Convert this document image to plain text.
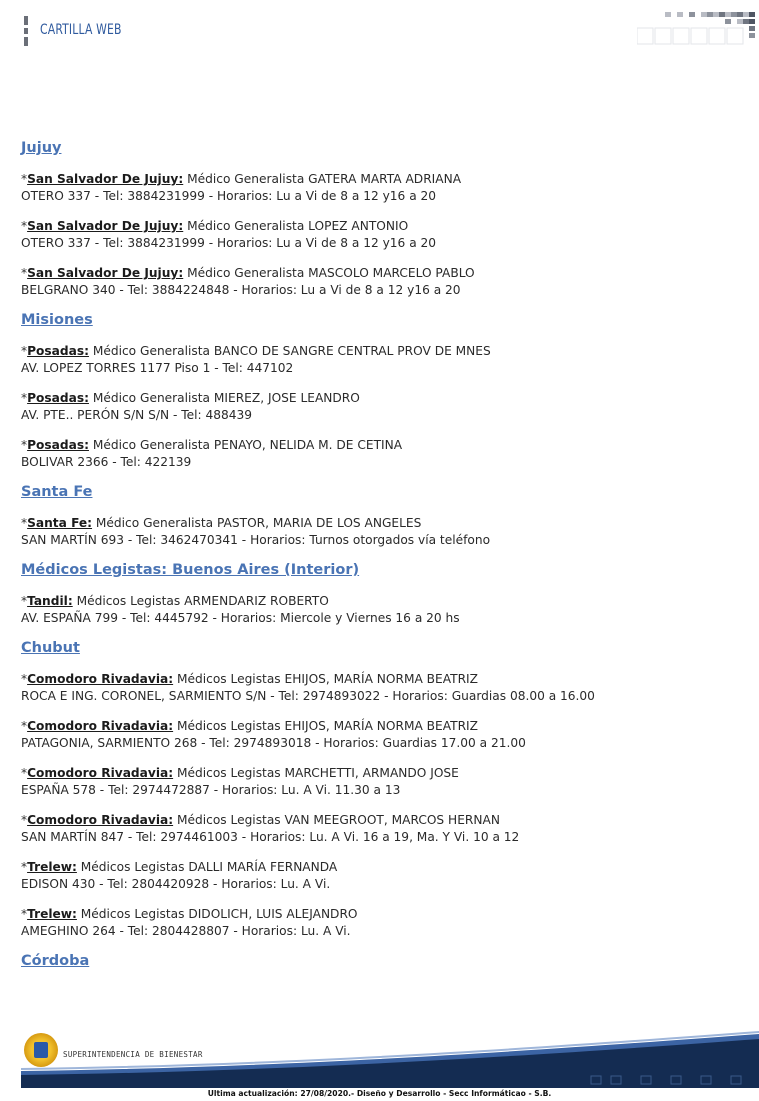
CARTILLA WEB
Jujuy
*San Salvador De Jujuy: Médico Generalista GATERA MARTA ADRIANA
OTERO 337 - Tel: 3884231999 - Horarios: Lu a Vi de 8 a 12 y16 a 20
*San Salvador De Jujuy: Médico Generalista LOPEZ ANTONIO
OTERO 337 - Tel: 3884231999 - Horarios: Lu a Vi de 8 a 12 y16 a 20
*San Salvador De Jujuy: Médico Generalista MASCOLO MARCELO PABLO
BELGRANO 340 - Tel: 3884224848 - Horarios: Lu a Vi de 8 a 12 y16 a 20
Misiones
*Posadas: Médico Generalista BANCO DE SANGRE CENTRAL PROV DE MNES
AV. LOPEZ TORRES 1177 Piso 1 - Tel: 447102
*Posadas: Médico Generalista MIEREZ, JOSE LEANDRO
AV. PTE.. PERÓN S/N S/N - Tel: 488439
*Posadas: Médico Generalista PENAYO, NELIDA M. DE CETINA
BOLIVAR 2366 - Tel: 422139
Santa Fe
*Santa Fe: Médico Generalista PASTOR, MARIA DE LOS ANGELES
SAN MARTÍN 693 - Tel: 3462470341 - Horarios: Turnos otorgados vía teléfono
Médicos Legistas: Buenos Aires (Interior)
*Tandil: Médicos Legistas ARMENDARIZ ROBERTO
AV. ESPAÑA 799 - Tel: 4445792 - Horarios: Miercole y Viernes 16 a 20 hs
Chubut
*Comodoro Rivadavia: Médicos Legistas EHIJOS, MARÍA NORMA BEATRIZ
ROCA E ING. CORONEL, SARMIENTO S/N - Tel: 2974893022 - Horarios: Guardias 08.00 a 16.00
*Comodoro Rivadavia: Médicos Legistas EHIJOS, MARÍA NORMA BEATRIZ
PATAGONIA, SARMIENTO 268 - Tel: 2974893018 - Horarios: Guardias 17.00 a 21.00
*Comodoro Rivadavia: Médicos Legistas MARCHETTI, ARMANDO JOSE
ESPAÑA 578 - Tel: 2974472887 - Horarios: Lu. A Vi. 11.30 a 13
*Comodoro Rivadavia: Médicos Legistas VAN MEEGROOT, MARCOS HERNAN
SAN MARTÍN 847 - Tel: 2974461003 - Horarios: Lu. A Vi. 16 a 19, Ma. Y Vi. 10 a 12
*Trelew: Médicos Legistas DALLI MARÍA FERNANDA
EDISON 430 - Tel: 2804420928 - Horarios: Lu. A Vi.
*Trelew: Médicos Legistas DIDOLICH, LUIS ALEJANDRO
AMEGHINO 264 - Tel: 2804428807 - Horarios: Lu. A Vi.
Córdoba
SUPERINTENDENCIA DE BIENESTAR
Ultima actualización: 27/08/2020.- Diseño y Desarrollo - Secc Informáticao - S.B.
